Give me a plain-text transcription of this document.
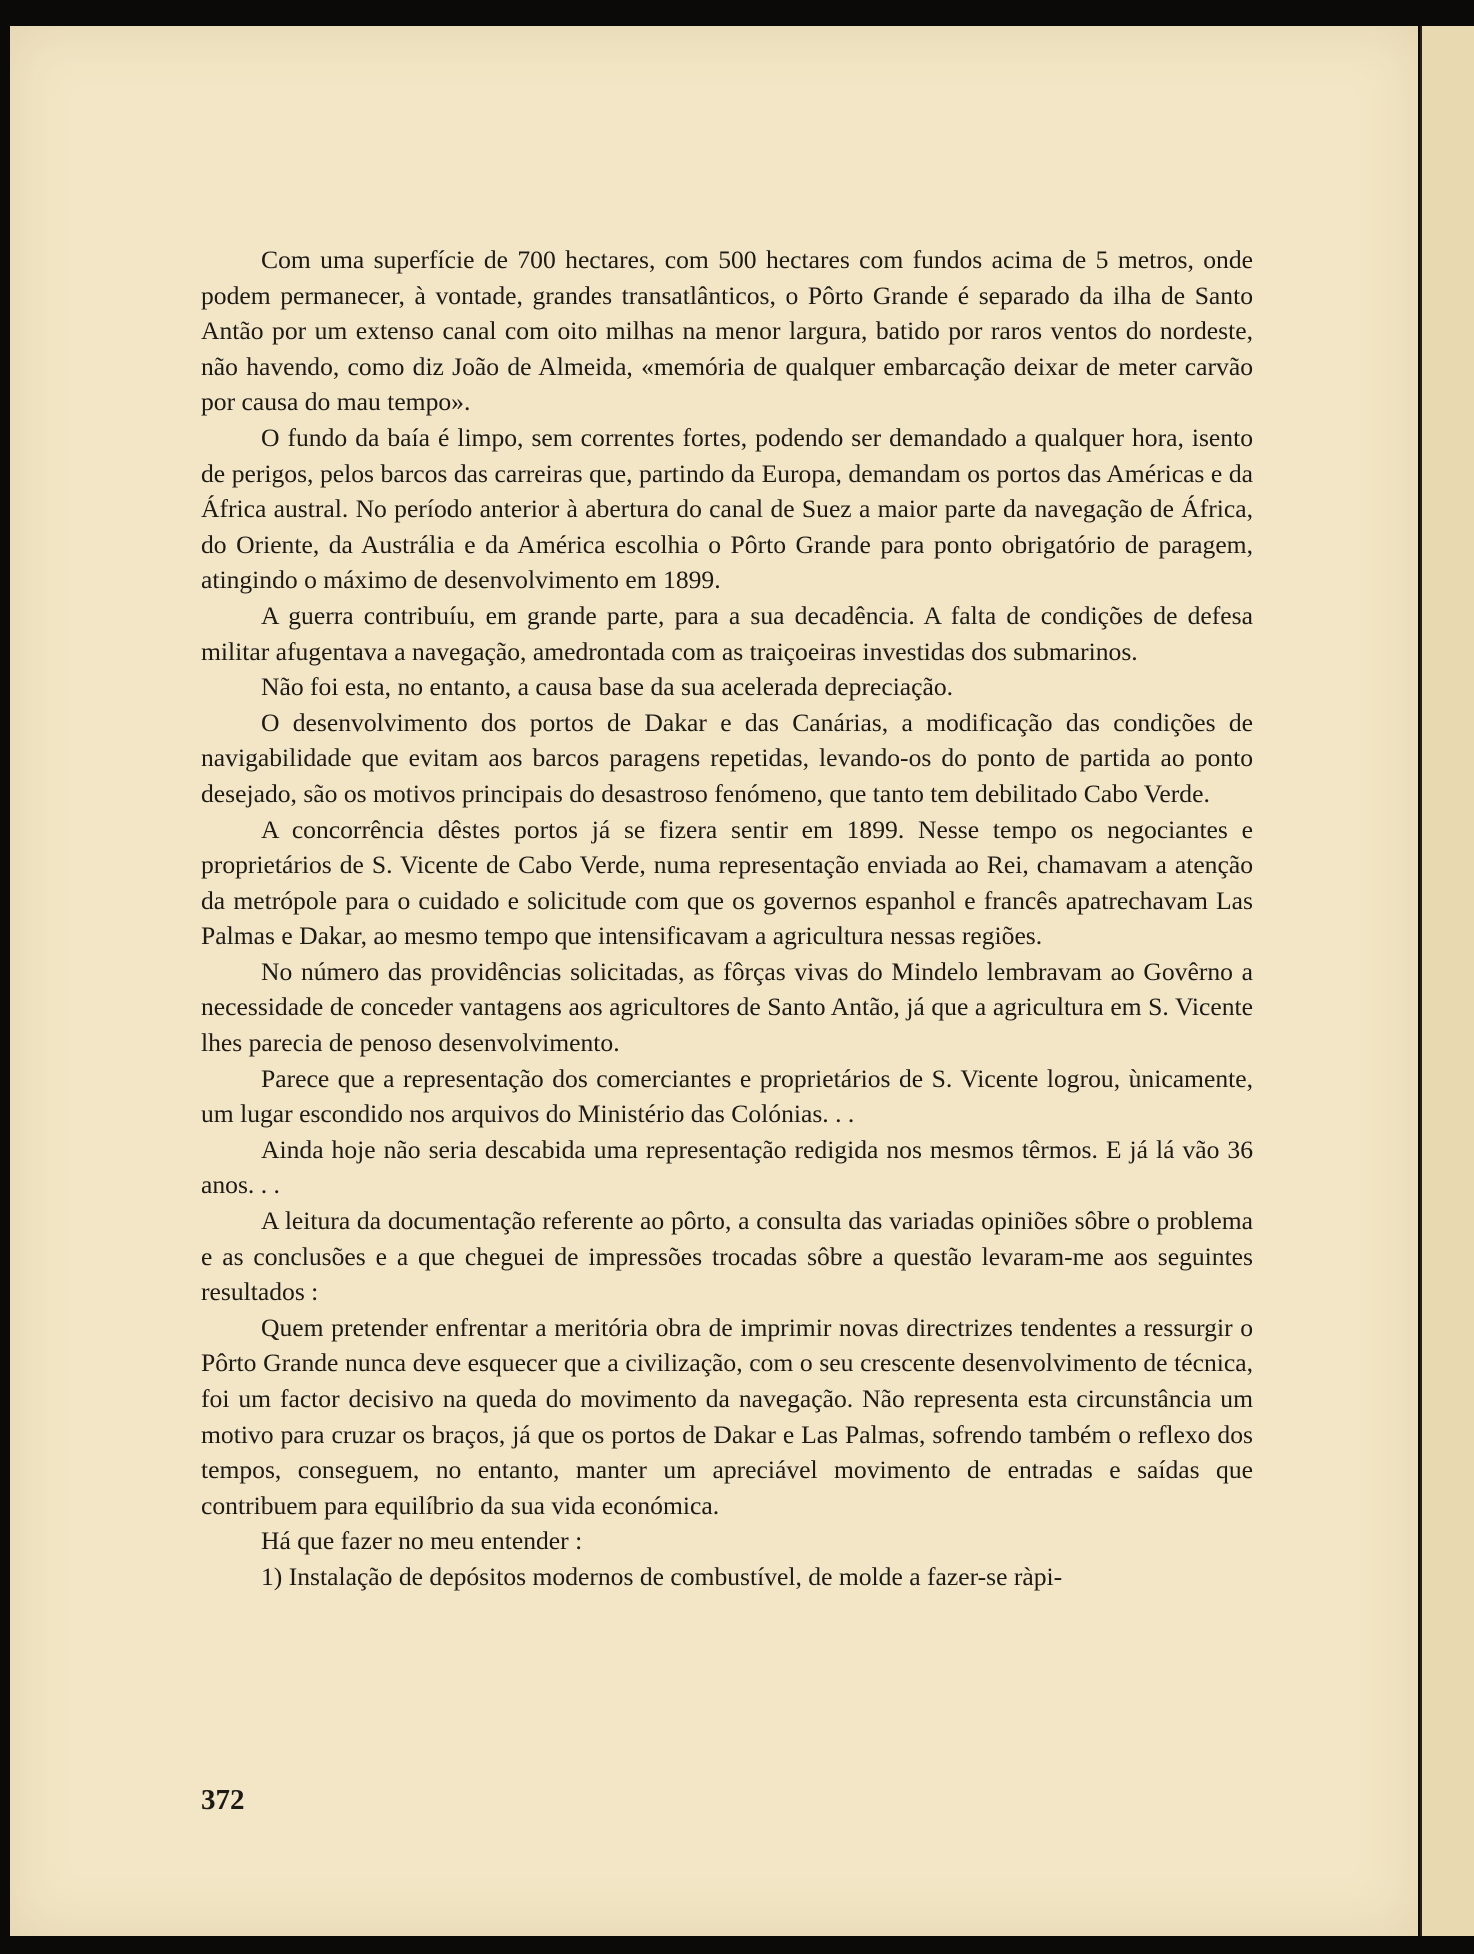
Com uma superfície de 700 hectares, com 500 hectares com fundos acima de 5 metros, onde podem permanecer, à vontade, grandes transatlânticos, o Pôrto Grande é separado da ilha de Santo Antão por um extenso canal com oito milhas na menor largura, batido por raros ventos do nordeste, não havendo, como diz João de Almeida, «memória de qualquer embarcação deixar de meter carvão por causa do mau tempo».

O fundo da baía é limpo, sem correntes fortes, podendo ser demandado a qualquer hora, isento de perigos, pelos barcos das carreiras que, partindo da Europa, demandam os portos das Américas e da África austral. No período anterior à abertura do canal de Suez a maior parte da navegação de África, do Oriente, da Austrália e da América escolhia o Pôrto Grande para ponto obrigatório de paragem, atingindo o máximo de desenvolvimento em 1899.

A guerra contribuíu, em grande parte, para a sua decadência. A falta de condições de defesa militar afugentava a navegação, amedrontada com as traiçoeiras investidas dos submarinos.

Não foi esta, no entanto, a causa base da sua acelerada depreciação.

O desenvolvimento dos portos de Dakar e das Canárias, a modificação das condições de navigabilidade que evitam aos barcos paragens repetidas, levando-os do ponto de partida ao ponto desejado, são os motivos principais do desastroso fenómeno, que tanto tem debilitado Cabo Verde.

A concorrência dêstes portos já se fizera sentir em 1899. Nesse tempo os negociantes e proprietários de S. Vicente de Cabo Verde, numa representação enviada ao Rei, chamavam a atenção da metrópole para o cuidado e solicitude com que os governos espanhol e francês apatrechavam Las Palmas e Dakar, ao mesmo tempo que intensificavam a agricultura nessas regiões.

No número das providências solicitadas, as fôrças vivas do Mindelo lembravam ao Govêrno a necessidade de conceder vantagens aos agricultores de Santo Antão, já que a agricultura em S. Vicente lhes parecia de penoso desenvolvimento.

Parece que a representação dos comerciantes e proprietários de S. Vicente logrou, ùnicamente, um lugar escondido nos arquivos do Ministério das Colónias. . .

Ainda hoje não seria descabida uma representação redigida nos mesmos têrmos. E já lá vão 36 anos. . .

A leitura da documentação referente ao pôrto, a consulta das variadas opiniões sôbre o problema e as conclusões e a que cheguei de impressões trocadas sôbre a questão levaram-me aos seguintes resultados :

Quem pretender enfrentar a meritória obra de imprimir novas directrizes tendentes a ressurgir o Pôrto Grande nunca deve esquecer que a civilização, com o seu crescente desenvolvimento de técnica, foi um factor decisivo na queda do movimento da navegação. Não representa esta circunstância um motivo para cruzar os braços, já que os portos de Dakar e Las Palmas, sofrendo também o reflexo dos tempos, conseguem, no entanto, manter um apreciável movimento de entradas e saídas que contribuem para equilíbrio da sua vida económica.

Há que fazer no meu entender :

1) Instalação de depósitos modernos de combustível, de molde a fazer-se ràpi-

372
